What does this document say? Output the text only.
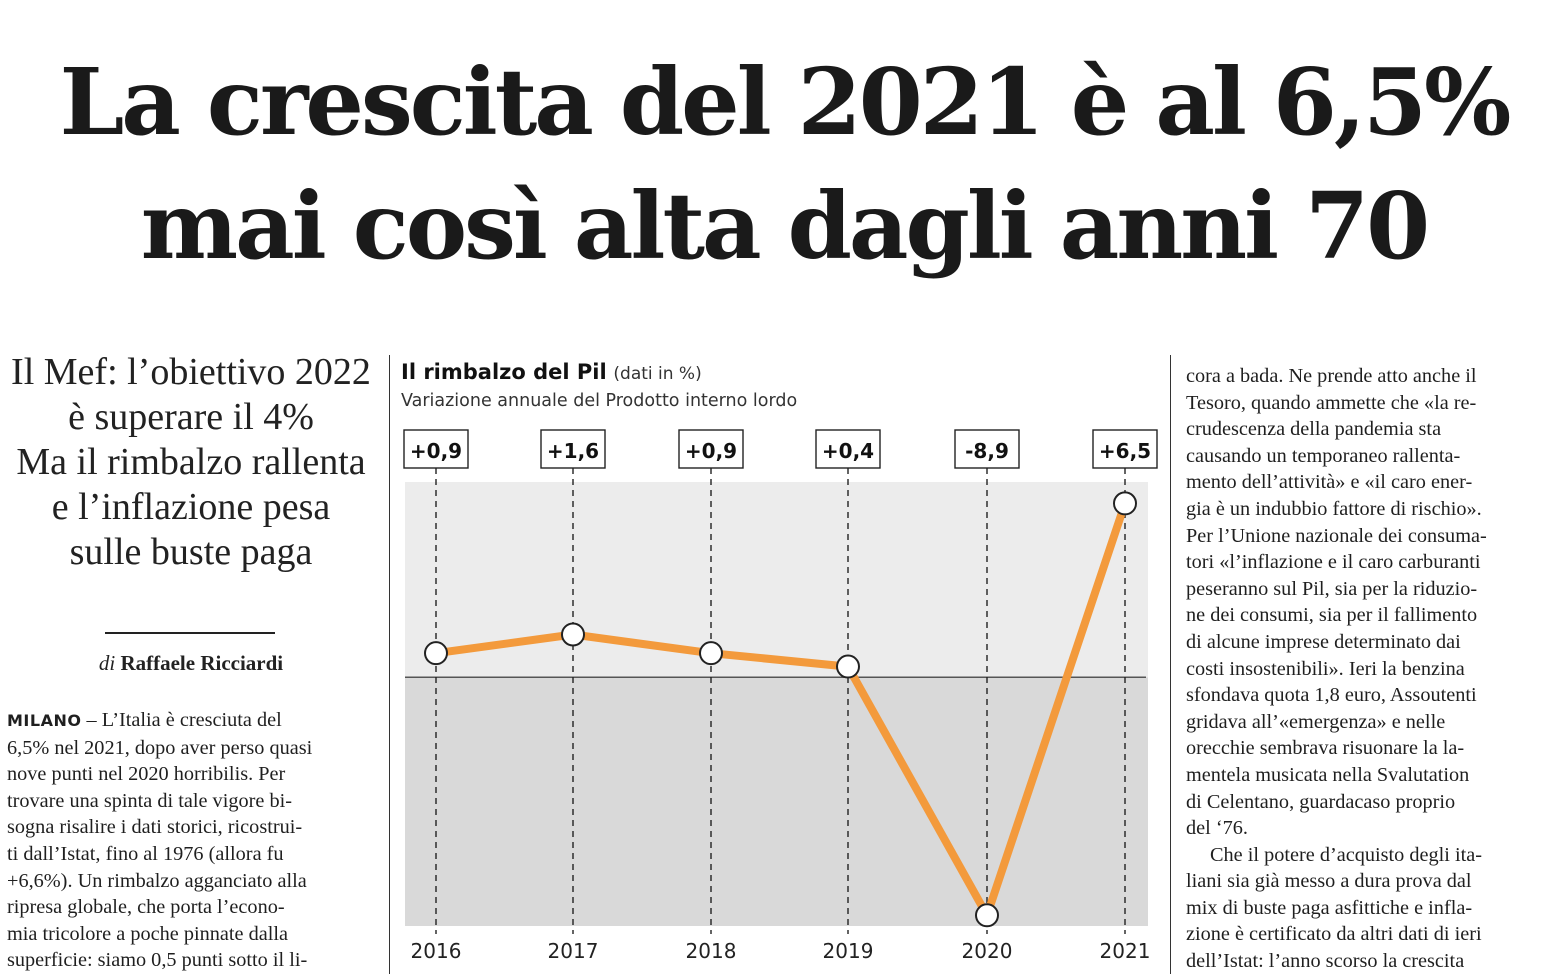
La crescita del 2021 è al 6,5%
mai così alta dagli anni 70
Il Mef: l’obiettivo 2022
è superare il 4%
Ma il rimbalzo rallenta
e l’inflazione pesa
sulle buste paga
di Raffaele Ricciardi
MILANO – L’Italia è cresciuta del
6,5% nel 2021, dopo aver perso quasi
nove punti nel 2020 horribilis. Per
trovare una spinta di tale vigore bi-
sogna risalire i dati storici, ricostrui-
ti dall’Istat, fino al 1976 (allora fu
+6,6%). Un rimbalzo agganciato alla
ripresa globale, che porta l’econo-
mia tricolore a poche pinnate dalla
superficie: siamo 0,5 punti sotto il li-
Il rimbalzo del Pil (dati in %)
Variazione annuale del Prodotto interno lordo
+0,9
2016
+1,6
2017
+0,9
2018
+0,4
2019
-8,9
2020
+6,5
2021
cora a bada. Ne prende atto anche il
Tesoro, quando ammette che «la re-
crudescenza della pandemia sta
causando un temporaneo rallenta-
mento dell’attività» e «il caro ener-
gia è un indubbio fattore di rischio».
Per l’Unione nazionale dei consuma-
tori «l’inflazione e il caro carburanti
peseranno sul Pil, sia per la riduzio-
ne dei consumi, sia per il fallimento
di alcune imprese determinato dai
costi insostenibili». Ieri la benzina
sfondava quota 1,8 euro, Assoutenti
gridava all’«emergenza» e nelle
orecchie sembrava risuonare la la-
mentela musicata nella Svalutation
di Celentano, guardacaso proprio
del ‘76.
Che il potere d’acquisto degli ita-
liani sia già messo a dura prova dal
mix di buste paga asfittiche e infla-
zione è certificato da altri dati di ieri
dell’Istat: l’anno scorso la crescita
